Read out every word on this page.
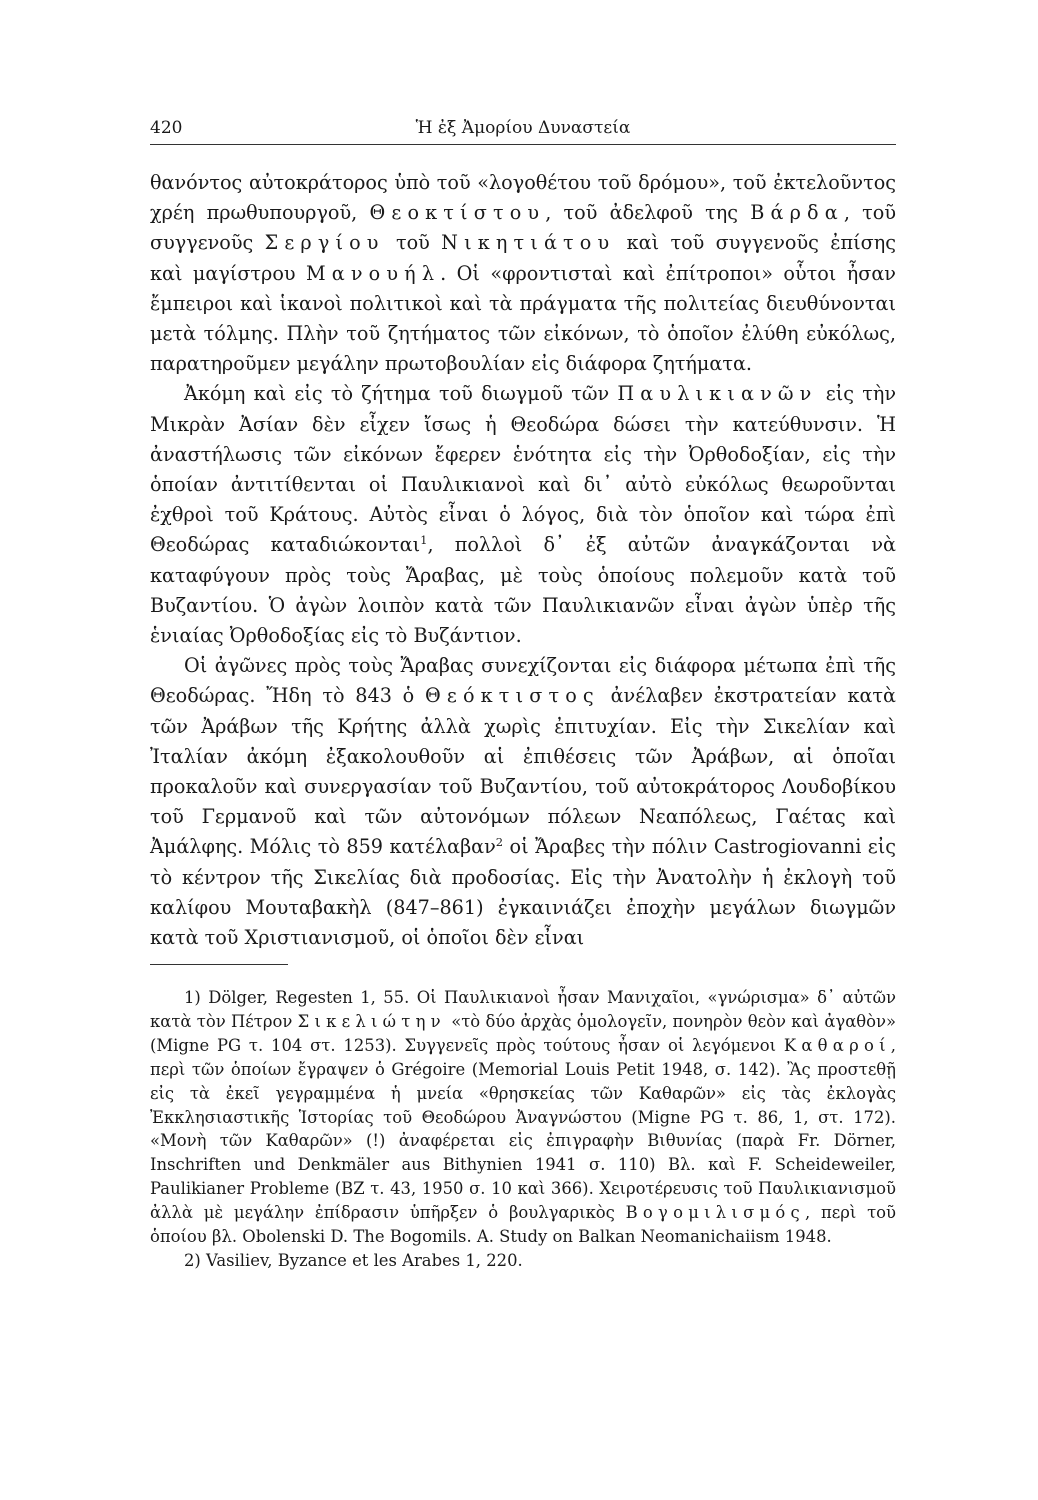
420	Ἡ ἐξ Ἀμορίου Δυναστεία

θανόντος αὐτοκράτορος ὑπὸ τοῦ «λογοθέτου τοῦ δρόμου», τοῦ ἐκτελοῦντος χρέη πρωθυπουργοῦ, Θεοκτίστου, τοῦ ἀδελφοῦ της Βάρδα, τοῦ συγγενοῦς Σεργίου τοῦ Νικητιάτου καὶ τοῦ συγγενοῦς ἐπίσης καὶ μαγίστρου Μανουήλ. Οἱ «φροντισταὶ καὶ ἐπίτροποι» οὗτοι ἦσαν ἔμπειροι καὶ ἱκανοὶ πολιτικοὶ καὶ τὰ πράγματα τῆς πολιτείας διευθύνονται μετὰ τόλμης. Πλὴν τοῦ ζητήματος τῶν εἰκόνων, τὸ ὁποῖον ἐλύθη εὐκόλως, παρατηροῦμεν μεγάλην πρωτοβουλίαν εἰς διάφορα ζητήματα.

Ἀκόμη καὶ εἰς τὸ ζήτημα τοῦ διωγμοῦ τῶν Παυλικιανῶν εἰς τὴν Μικρὰν Ἀσίαν δὲν εἶχεν ἴσως ἡ Θεοδώρα δώσει τὴν κατεύθυνσιν. Ἡ ἀναστήλωσις τῶν εἰκόνων ἔφερεν ἑνότητα εἰς τὴν Ὀρθοδοξίαν, εἰς τὴν ὁποίαν ἀντιτίθενται οἱ Παυλικιανοὶ καὶ δι᾽ αὐτὸ εὐκόλως θεωροῦνται ἐχθροὶ τοῦ Κράτους. Αὐτὸς εἶναι ὁ λόγος, διὰ τὸν ὁποῖον καὶ τώρα ἐπὶ Θεοδώρας καταδιώκονται$^1$, πολλοὶ δ᾽ ἐξ αὐτῶν ἀναγκάζονται νὰ καταφύγουν πρὸς τοὺς Ἄραβας, μὲ τοὺς ὁποίους πολεμοῦν κατὰ τοῦ Βυζαντίου. Ὁ ἀγὼν λοιπὸν κατὰ τῶν Παυλικιανῶν εἶναι ἀγὼν ὑπὲρ τῆς ἑνιαίας Ὀρθοδοξίας εἰς τὸ Βυζάντιον.

Οἱ ἀγῶνες πρὸς τοὺς Ἄραβας συνεχίζονται εἰς διάφορα μέτωπα ἐπὶ τῆς Θεοδώρας. Ἤδη τὸ 843 ὁ Θεόκτιστος ἀνέλαβεν ἐκστρατείαν κατὰ τῶν Ἀράβων τῆς Κρήτης ἀλλὰ χωρὶς ἐπιτυχίαν. Εἰς τὴν Σικελίαν καὶ Ἰταλίαν ἀκόμη ἐξακολουθοῦν αἱ ἐπιθέσεις τῶν Ἀράβων, αἱ ὁποῖαι προκαλοῦν καὶ συνεργασίαν τοῦ Βυζαντίου, τοῦ αὐτοκράτορος Λουδοβίκου τοῦ Γερμανοῦ καὶ τῶν αὐτονόμων πόλεων Νεαπόλεως, Γαέτας καὶ Ἀμάλφης. Μόλις τὸ 859 κατέλαβαν$^2$ οἱ Ἄραβες τὴν πόλιν Castrogiovanni εἰς τὸ κέντρον τῆς Σικελίας διὰ προδοσίας. Εἰς τὴν Ἀνατολὴν ἡ ἐκλογὴ τοῦ καλίφου Μουταβακὴλ (847–861) ἐγκαινιάζει ἐποχὴν μεγάλων διωγμῶν κατὰ τοῦ Χριστιανισμοῦ, οἱ ὁποῖοι δὲν εἶναι

1) Dölger, Regesten 1, 55. Οἱ Παυλικιανοὶ ἦσαν Μανιχαῖοι, «γνώρισμα» δ᾽ αὐτῶν κατὰ τὸν Πέτρον Σικελιώτην «τὸ δύο ἀρχὰς ὁμολογεῖν, πονηρὸν θεὸν καὶ ἀγαθὸν» (Migne PG τ. 104 στ. 1253). Συγγενεῖς πρὸς τούτους ἦσαν οἱ λεγόμενοι Καθαροί, περὶ τῶν ὁποίων ἔγραψεν ὁ Grégoire (Memorial Louis Petit 1948, σ. 142). Ἂς προστεθῇ εἰς τὰ ἐκεῖ γεγραμμένα ἡ μνεία «θρησκείας τῶν Καθαρῶν» εἰς τὰς ἐκλογὰς Ἐκκλησιαστικῆς Ἱστορίας τοῦ Θεοδώρου Ἀναγνώστου (Migne PG τ. 86, 1, στ. 172). «Μονὴ τῶν Καθαρῶν» (!) ἀναφέρεται εἰς ἐπιγραφὴν Βιθυνίας (παρὰ Fr. Dörner, Inschriften und Denkmäler aus Bithynien 1941 σ. 110) Βλ. καὶ F. Scheideweiler, Paulikianer Probleme (BZ τ. 43, 1950 σ. 10 καὶ 366). Χειροτέρευσις τοῦ Παυλικιανισμοῦ ἀλλὰ μὲ μεγάλην ἐπίδρασιν ὑπῆρξεν ὁ βουλγαρικὸς Βογομιλισμός, περὶ τοῦ ὁποίου βλ. Obolenski D. The Bogomils. A. Study on Balkan Neomanichaiism 1948.

2) Vasiliev, Byzance et les Arabes 1, 220.
